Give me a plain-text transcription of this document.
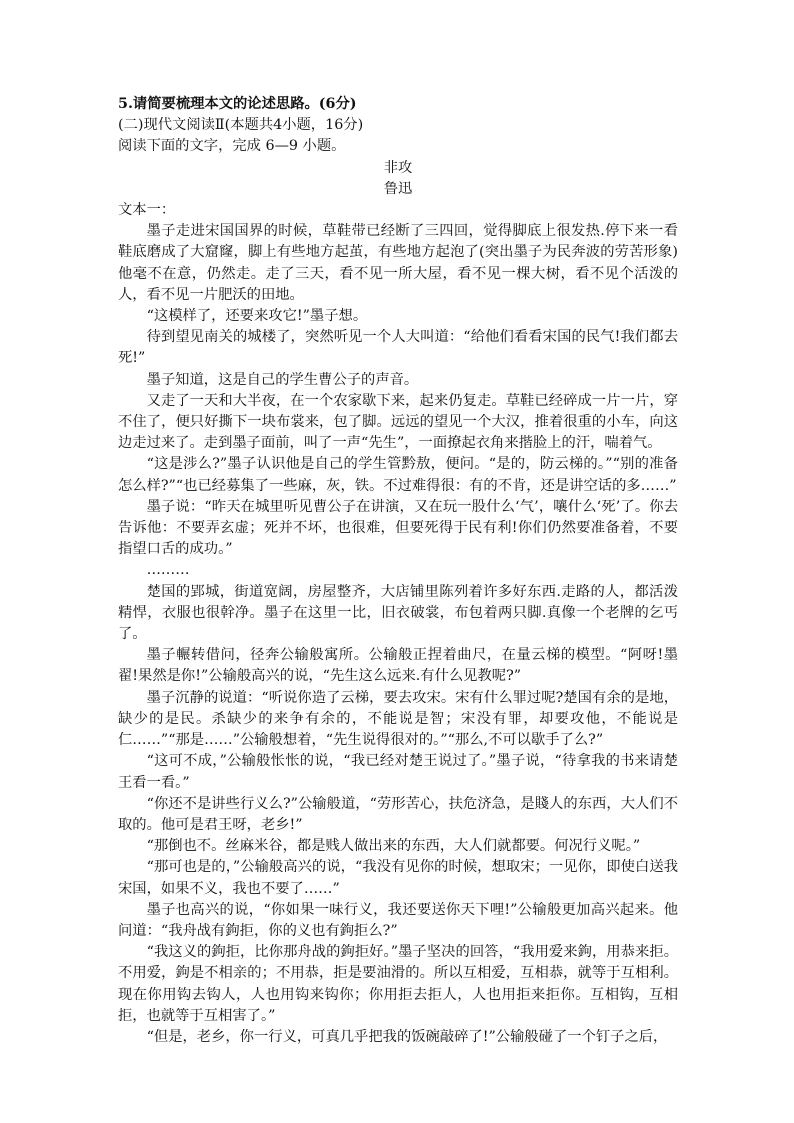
5.请简要梳理本文的论述思路。(6分)

(二)现代文阅读Ⅱ(本题共4小题，16分)

阅读下面的文字，完成 6—9 小题。

非攻

鲁迅

文本一：

墨子走进宋国国界的时候，草鞋带已经断了三四回，觉得脚底上很发热.停下来一看鞋底磨成了大窟窿，脚上有些地方起茧，有些地方起泡了(突出墨子为民奔波的劳苦形象)他毫不在意，仍然走。走了三天，看不见一所大屋，看不见一棵大树，看不见个活泼的人，看不见一片肥沃的田地。

“这模样了，还要来攻它!”墨子想。

待到望见南关的城楼了，突然听见一个人大叫道：“给他们看看宋国的民气!我们都去死!”

墨子知道，这是自己的学生曹公子的声音。

又走了一天和大半夜，在一个农家歇下来，起来仍复走。草鞋已经碎成一片一片，穿不住了，便只好撕下一块布裳来，包了脚。远远的望见一个大汉，推着很重的小车，向这边走过来了。走到墨子面前，叫了一声“先生”，一面撩起衣角来揩脸上的汗，喘着气。

“这是涉么?”墨子认识他是自己的学生管黔敖，便问。“是的，防云梯的。”“别的准备怎么样?”“也已经募集了一些麻，灰，铁。不过难得很：有的不肯，还是讲空话的多……”

墨子说：“昨天在城里听见曹公子在讲演，又在玩一股什么‘气’，嚷什么‘死’了。你去告诉他：不要弄玄虚；死并不坏，也很难，但要死得于民有利!你们仍然要准备着，不要指望口舌的成功。”

………

楚国的郢城，街道宽阔，房屋整齐，大店铺里陈列着许多好东西.走路的人，都活泼精悍，衣服也很幹净。墨子在这里一比，旧衣破裳，布包着两只脚.真像一个老牌的乞丐了。

墨子輾转借问，径奔公输般寓所。公输般正捏着曲尺，在量云梯的模型。“阿呀!墨翟!果然是你!”公输般高兴的说，“先生这么远来.有什么见教呢?”

墨子沉静的说道：“听说你造了云梯，要去攻宋。宋有什么罪过呢?楚国有余的是地，缺少的是民。杀缺少的来争有余的，不能说是智；宋没有罪，却要攻他，不能说是仁……”“那是……”公输般想着，“先生说得很对的。”“那么,不可以歇手了么?”

“这可不成，”公输般怅怅的说，“我已经对楚王说过了。”墨子说，“待拿我的书来请楚王看一看。”

“你还不是讲些行义么?”公输般道，“劳形苦心，扶危济急，是賤人的东西，大人们不取的。他可是君王呀，老乡!”

“那倒也不。丝麻米谷，都是贱人做出来的东西，大人们就都要。何况行义呢。”

“那可也是的，”公输般高兴的说，“我没有见你的时候，想取宋；一见你，即使白送我宋国，如果不义，我也不要了……”

墨子也高兴的说，“你如果一味行义，我还要送你天下哩!”公输般更加高兴起来。他问道：“我舟战有鉤拒，你的义也有鉤拒么?”

“我这义的鉤拒，比你那舟战的鉤拒好。”墨子坚决的回答，“我用爱来鉤，用恭来拒。不用爱，鉤是不相亲的；不用恭，拒是要油滑的。所以互相爱，互相恭，就等于互相利。现在你用钩去钩人，人也用钩来钩你；你用拒去拒人，人也用拒来拒你。互相钩，互相拒，也就等于互相害了。”

“但是，老乡，你一行义，可真几乎把我的饭碗敲碎了!”公输般碰了一个钉子之后，
